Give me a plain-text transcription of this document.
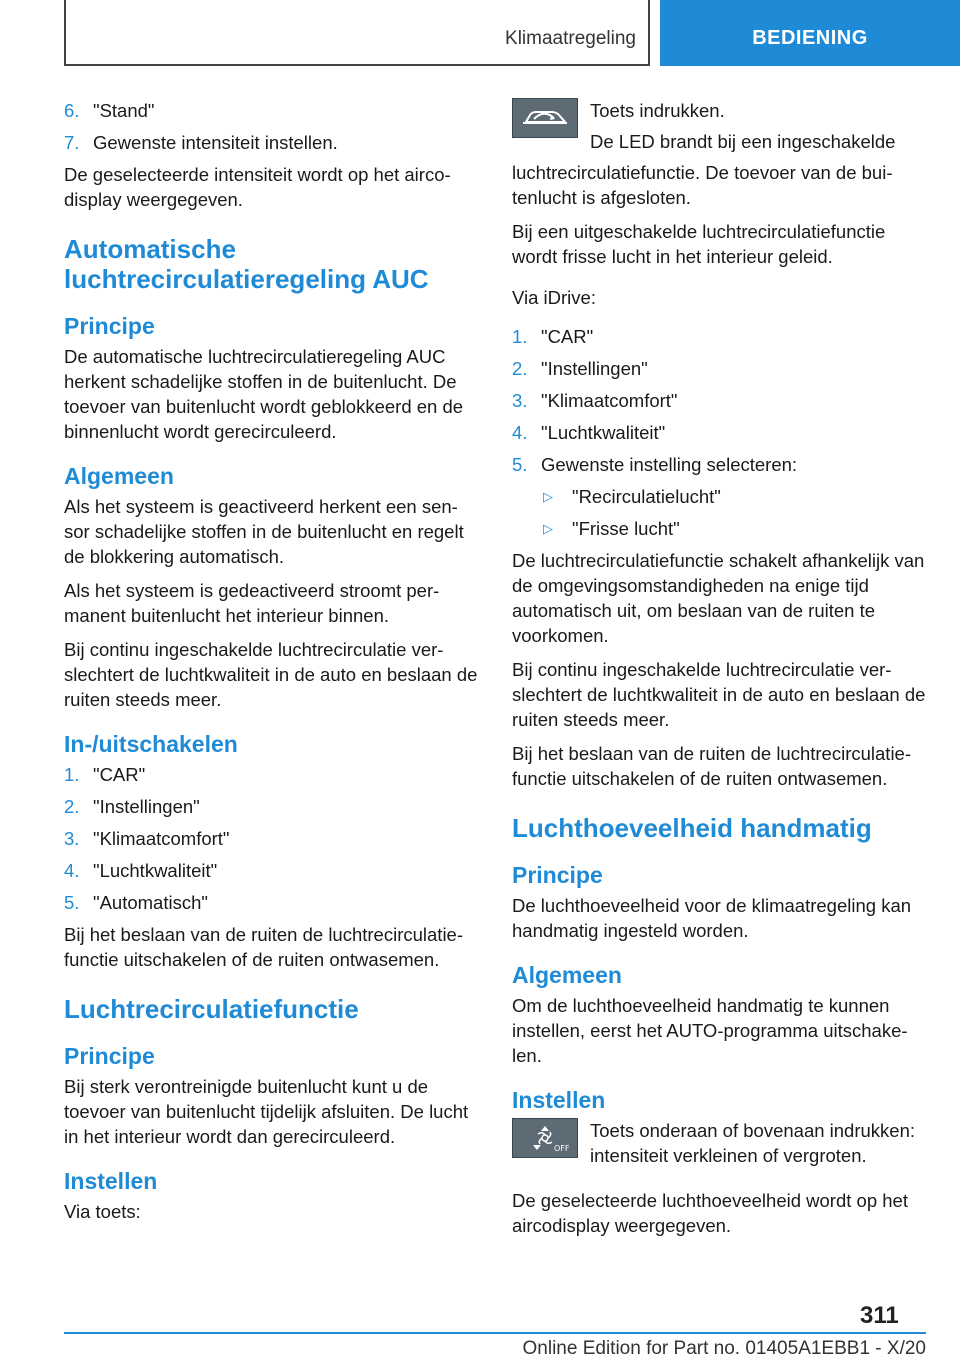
Klimaatregeling	BEDIENING
6. "Stand"
7. Gewenste intensiteit instellen.

De geselecteerde intensiteit wordt op het airco-display weergegeven.

Automatische luchtrecirculatieregeling AUC
Principe

De automatische luchtrecirculatieregeling AUC herkent schadelijke stoffen in de buitenlucht. De toevoer van buitenlucht wordt geblokkeerd en de binnenlucht wordt gerecirculeerd.

Algemeen

Als het systeem is geactiveerd herkent een sen-sor schadelijke stoffen in de buitenlucht en regelt de blokkering automatisch.

Als het systeem is gedeactiveerd stroomt per-manent buitenlucht het interieur binnen.

Bij continu ingeschakelde luchtrecirculatie ver-slechtert de luchtkwaliteit in de auto en beslaan de ruiten steeds meer.

In-/uitschakelen
1. "CAR"
2. "Instellingen"
3. "Klimaatcomfort"
4. "Luchtkwaliteit"
5. "Automatisch"

Bij het beslaan van de ruiten de luchtrecirculatie-functie uitschakelen of de ruiten ontwasemen.

Luchtrecirculatiefunctie
Principe

Bij sterk verontreinigde buitenlucht kunt u de toevoer van buitenlucht tijdelijk afsluiten. De lucht in het interieur wordt dan gerecirculeerd.

Instellen

Via toets:

Toets indrukken.

De LED brandt bij een ingeschakelde

luchtrecirculatiefunctie. De toevoer van de bui-tenlucht is afgesloten.

Bij een uitgeschakelde luchtrecirculatiefunctie wordt frisse lucht in het interieur geleid.

Via iDrive:

1. "CAR"
2. "Instellingen"
3. "Klimaatcomfort"
4. "Luchtkwaliteit"
5. Gewenste instelling selecteren:
▷	"Recirculatielucht"
▷	"Frisse lucht"

De luchtrecirculatiefunctie schakelt afhankelijk van de omgevingsomstandigheden na enige tijd automatisch uit, om beslaan van de ruiten te voorkomen.

Bij continu ingeschakelde luchtrecirculatie ver-slechtert de luchtkwaliteit in de auto en beslaan de ruiten steeds meer.

Bij het beslaan van de ruiten de luchtrecirculatie-functie uitschakelen of de ruiten ontwasemen.

Luchthoeveelheid handmatig
Principe

De luchthoeveelheid voor de klimaatregeling kan handmatig ingesteld worden.

Algemeen

Om de luchthoeveelheid handmatig te kunnen instellen, eerst het AUTO-programma uitschake-len.

Instellen
OFF

Toets onderaan of bovenaan indrukken: intensiteit verkleinen of vergroten.

De geselecteerde luchthoeveelheid wordt op het aircodisplay weergegeven.

311
Online Edition for Part no. 01405A1EBB1 - X/20
